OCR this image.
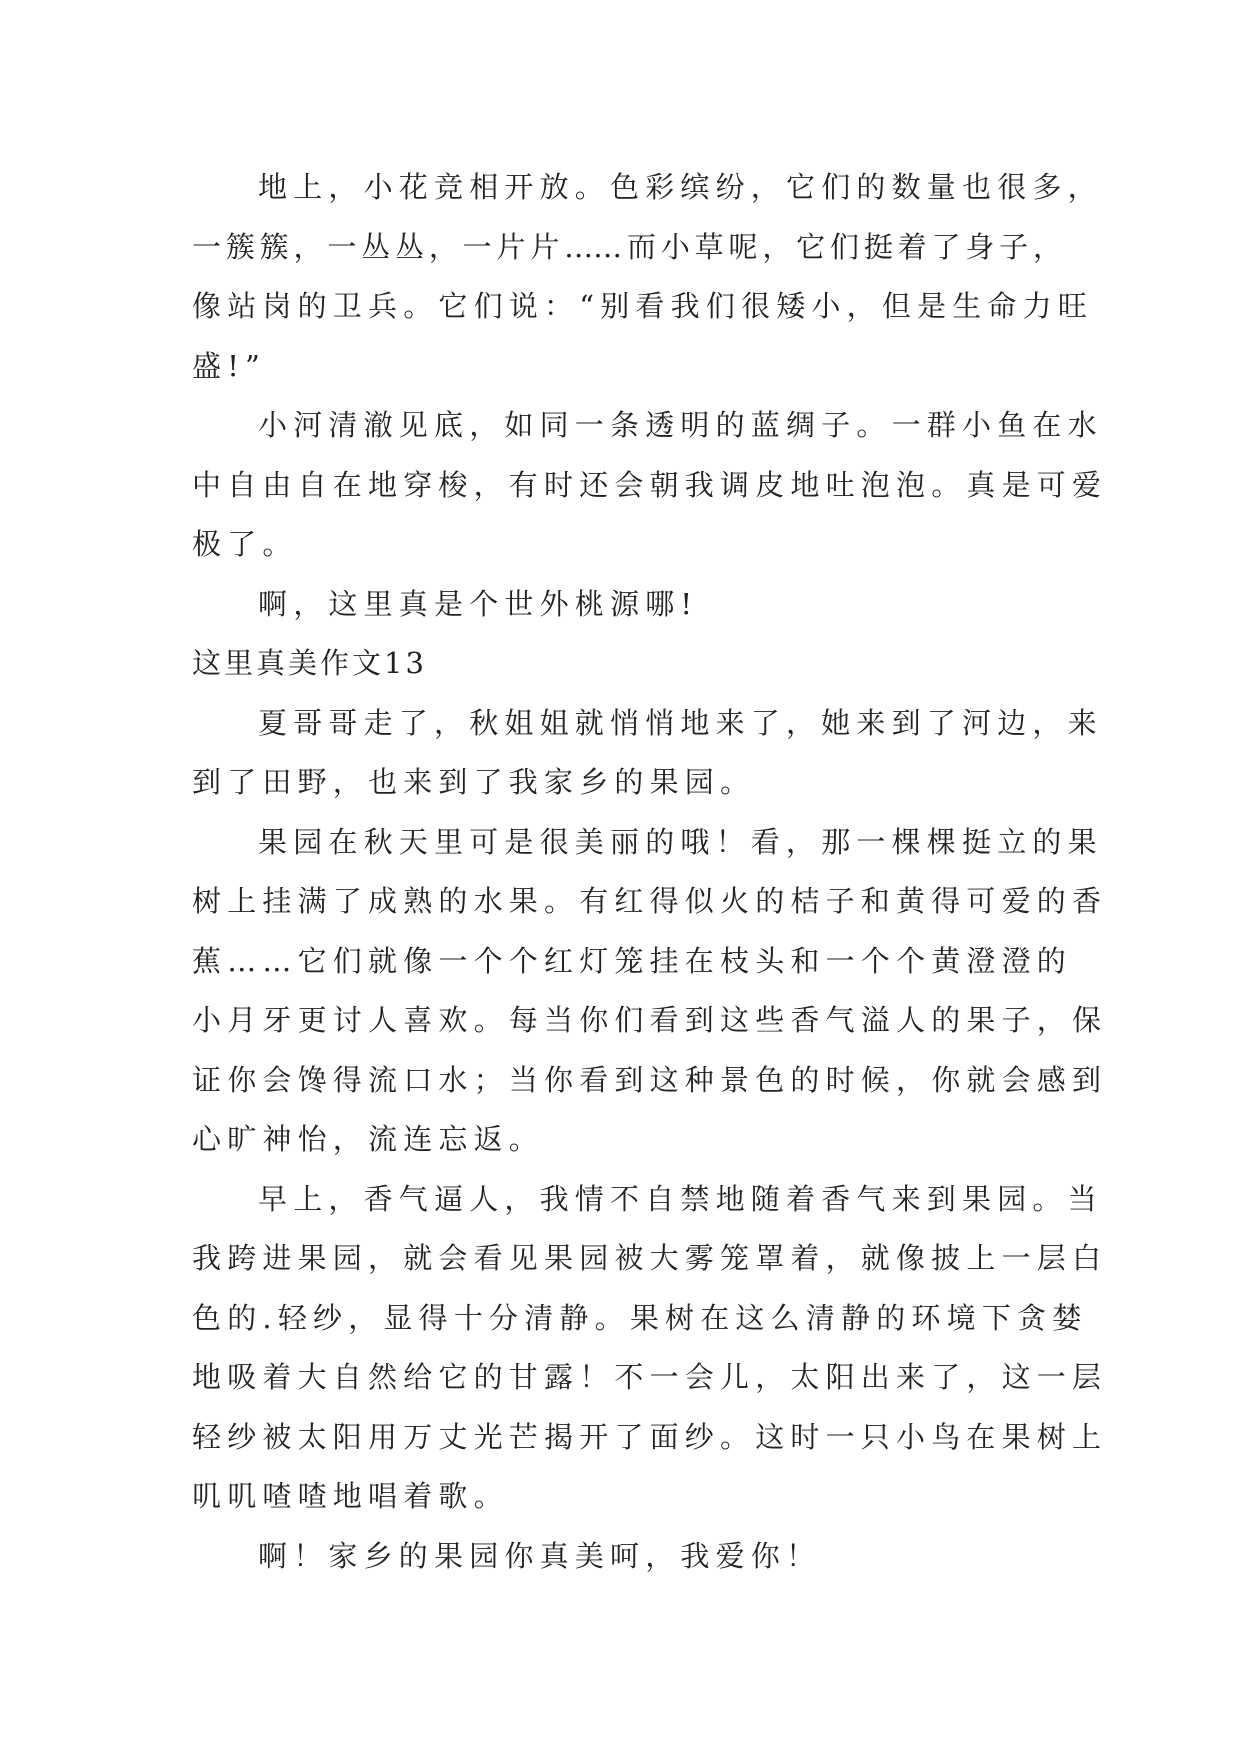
地上，小花竞相开放。色彩缤纷，它们的数量也很多，
一簇簇，一丛丛，一片片……而小草呢，它们挺着了身子，
像站岗的卫兵。它们说：“别看我们很矮小，但是生命力旺
盛!”
小河清澈见底，如同一条透明的蓝绸子。一群小鱼在水
中自由自在地穿梭，有时还会朝我调皮地吐泡泡。真是可爱
极了。
啊，这里真是个世外桃源哪!
这里真美作文13
夏哥哥走了，秋姐姐就悄悄地来了，她来到了河边，来
到了田野，也来到了我家乡的果园。
果园在秋天里可是很美丽的哦！看，那一棵棵挺立的果
树上挂满了成熟的水果。有红得似火的桔子和黄得可爱的香
蕉……它们就像一个个红灯笼挂在枝头和一个个黄澄澄的
小月牙更讨人喜欢。每当你们看到这些香气溢人的果子，保
证你会馋得流口水；当你看到这种景色的时候，你就会感到
心旷神怡，流连忘返。
早上，香气逼人，我情不自禁地随着香气来到果园。当
我跨进果园，就会看见果园被大雾笼罩着，就像披上一层白
色的.轻纱，显得十分清静。果树在这么清静的环境下贪婪
地吸着大自然给它的甘露！不一会儿，太阳出来了，这一层
轻纱被太阳用万丈光芒揭开了面纱。这时一只小鸟在果树上
叽叽喳喳地唱着歌。
啊！家乡的果园你真美呵，我爱你！
